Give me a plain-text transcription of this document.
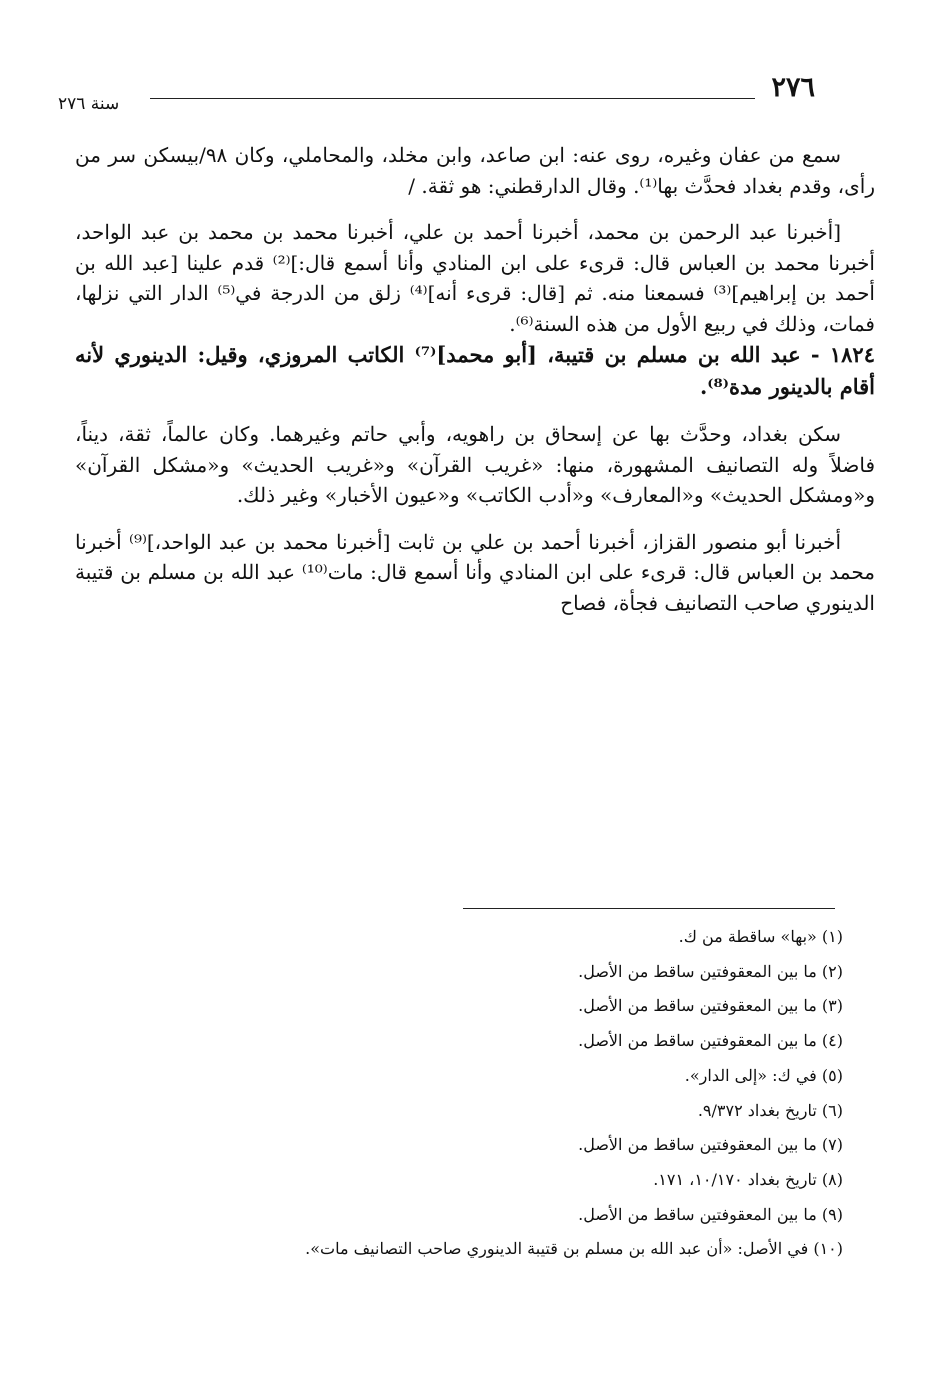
٢٧٦
سنة ٢٧٦

سمع من عفان وغيره، روى عنه: ابن صاعد، وابن مخلد، والمحاملي، وكان ٩٨/بيسكن سر من رأى، وقدم بغداد فحدَّث بها⁽¹⁾. وقال الدارقطني: هو ثقة. /

[أخبرنا عبد الرحمن بن محمد، أخبرنا أحمد بن علي، أخبرنا محمد بن محمد بن عبد الواحد، أخبرنا محمد بن العباس قال: قرىء على ابن المنادي وأنا أسمع قال:]⁽²⁾ قدم علينا [عبد الله بن أحمد بن إبراهيم]⁽³⁾ فسمعنا منه. ثم [قال: قرىء أنه]⁽⁴⁾ زلق من الدرجة في⁽⁵⁾ الدار التي نزلها، فمات، وذلك في ربيع الأول من هذه السنة⁽⁶⁾.

١٨٢٤ - عبد الله بن مسلم بن قتيبة، [أبو محمد]⁽⁷⁾ الكاتب المروزي، وقيل: الدينوري لأنه أقام بالدينور مدة⁽⁸⁾.

سكن بغداد، وحدَّث بها عن إسحاق بن راهويه، وأبي حاتم وغيرهما. وكان عالماً، ثقة، ديناً، فاضلاً وله التصانيف المشهورة، منها: «غريب القرآن» و«غريب الحديث» و«مشكل القرآن» و«ومشكل الحديث» و«المعارف» و«أدب الكاتب» و«عيون الأخبار» وغير ذلك.

أخبرنا أبو منصور القزاز، أخبرنا أحمد بن علي بن ثابت [أخبرنا محمد بن عبد الواحد،]⁽⁹⁾ أخبرنا محمد بن العباس قال: قرىء على ابن المنادي وأنا أسمع قال: مات⁽¹⁰⁾ عبد الله بن مسلم بن قتيبة الدينوري صاحب التصانيف فجأة، فصاح

(١) «بها» ساقطة من ك.
(٢) ما بين المعقوفتين ساقط من الأصل.
(٣) ما بين المعقوفتين ساقط من الأصل.
(٤) ما بين المعقوفتين ساقط من الأصل.
(٥) في ك: «إلى الدار».
(٦) تاريخ بغداد ٩/٣٧٢.
(٧) ما بين المعقوفتين ساقط من الأصل.
(٨) تاريخ بغداد ١٠/١٧٠، ١٧١.
(٩) ما بين المعقوفتين ساقط من الأصل.
(١٠) في الأصل: «أن عبد الله بن مسلم بن قتيبة الدينوري صاحب التصانيف مات».
